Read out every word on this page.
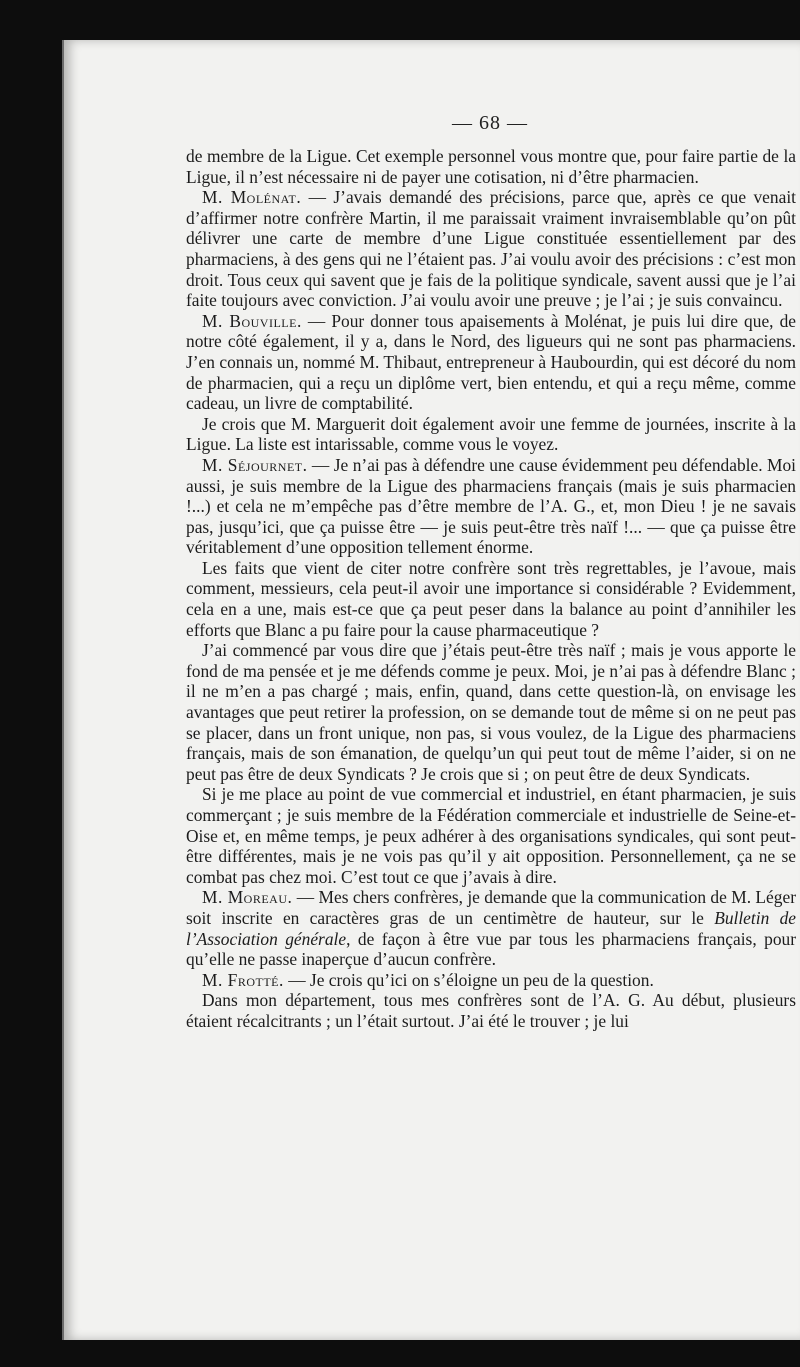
— 68 —

de membre de la Ligue. Cet exemple personnel vous montre que, pour faire partie de la Ligue, il n’est nécessaire ni de payer une cotisation, ni d’être pharmacien.

M. Molénat. — J’avais demandé des précisions, parce que, après ce que venait d’affirmer notre confrère Martin, il me paraissait vraiment invraisemblable qu’on pût délivrer une carte de membre d’une Ligue constituée essentiellement par des pharmaciens, à des gens qui ne l’étaient pas. J’ai voulu avoir des précisions : c’est mon droit. Tous ceux qui savent que je fais de la politique syndicale, savent aussi que je l’ai faite toujours avec conviction. J’ai voulu avoir une preuve ; je l’ai ; je suis convaincu.

M. Bouville. — Pour donner tous apaisements à Molénat, je puis lui dire que, de notre côté également, il y a, dans le Nord, des ligueurs qui ne sont pas pharmaciens. J’en connais un, nommé M. Thibaut, entrepreneur à Haubourdin, qui est décoré du nom de pharmacien, qui a reçu un diplôme vert, bien entendu, et qui a reçu même, comme cadeau, un livre de comptabilité.

Je crois que M. Marguerit doit également avoir une femme de journées, inscrite à la Ligue. La liste est intarissable, comme vous le voyez.

M. Séjournet. — Je n’ai pas à défendre une cause évidemment peu défendable. Moi aussi, je suis membre de la Ligue des pharmaciens français (mais je suis pharmacien !...) et cela ne m’empêche pas d’être membre de l’A. G., et, mon Dieu ! je ne savais pas, jusqu’ici, que ça puisse être — je suis peut-être très naïf !... — que ça puisse être véritablement d’une opposition tellement énorme.

Les faits que vient de citer notre confrère sont très regrettables, je l’avoue, mais comment, messieurs, cela peut-il avoir une importance si considérable ? Evidemment, cela en a une, mais est-ce que ça peut peser dans la balance au point d’annihiler les efforts que Blanc a pu faire pour la cause pharmaceutique ?

J’ai commencé par vous dire que j’étais peut-être très naïf ; mais je vous apporte le fond de ma pensée et je me défends comme je peux. Moi, je n’ai pas à défendre Blanc ; il ne m’en a pas chargé ; mais, enfin, quand, dans cette question-là, on envisage les avantages que peut retirer la profession, on se demande tout de même si on ne peut pas se placer, dans un front unique, non pas, si vous voulez, de la Ligue des pharmaciens français, mais de son émanation, de quelqu’un qui peut tout de même l’aider, si on ne peut pas être de deux Syndicats ? Je crois que si ; on peut être de deux Syndicats.

Si je me place au point de vue commercial et industriel, en étant pharmacien, je suis commerçant ; je suis membre de la Fédération commerciale et industrielle de Seine-et-Oise et, en même temps, je peux adhérer à des organisations syndicales, qui sont peut-être différentes, mais je ne vois pas qu’il y ait opposition. Personnellement, ça ne se combat pas chez moi. C’est tout ce que j’avais à dire.

M. Moreau. — Mes chers confrères, je demande que la communication de M. Léger soit inscrite en caractères gras de un centimètre de hauteur, sur le Bulletin de l’Association générale, de façon à être vue par tous les pharmaciens français, pour qu’elle ne passe inaperçue d’aucun confrère.

M. Frotté. — Je crois qu’ici on s’éloigne un peu de la question.

Dans mon département, tous mes confrères sont de l’A. G. Au début, plusieurs étaient récalcitrants ; un l’était surtout. J’ai été le trouver ; je lui
